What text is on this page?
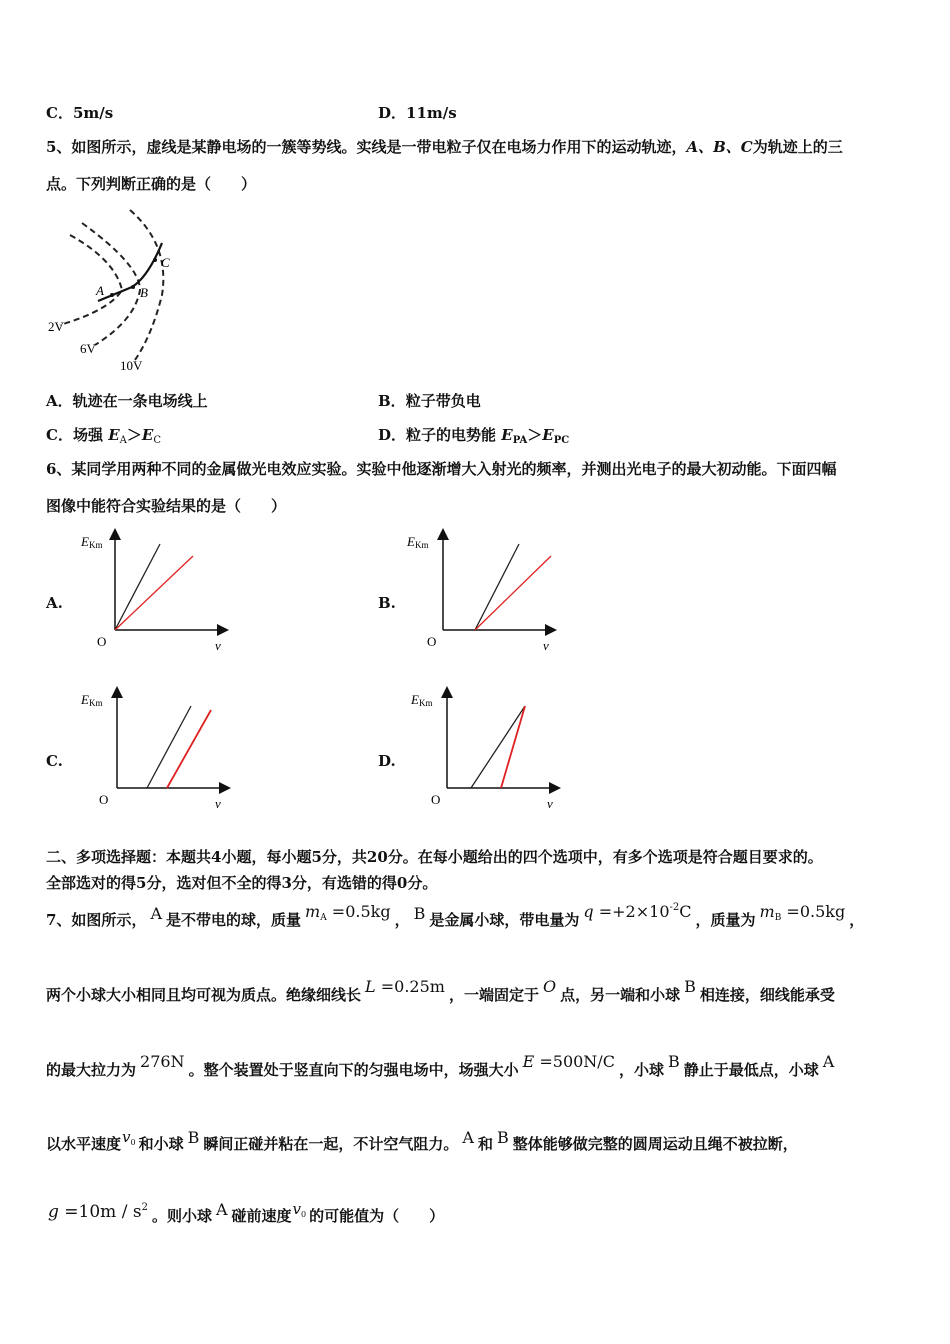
C．5m/s	D．11m/s
5、如图所示，虚线是某静电场的一簇等势线。实线是一带电粒子仅在电场力作用下的运动轨迹，A、B、C为轨迹上的三
点。下列判断正确的是（　　）
A	B
C
2V
6V
10V
A．轨迹在一条电场线上	B．粒子带负电
C．场强 $E_A>E_C$	D．粒子的电势能 $E_{PA}>E_{PC}$
6、某同学用两种不同的金属做光电效应实验。实验中他逐渐增大入射光的频率，并测出光电子的最大初动能。下面四幅
图像中能符合实验结果的是（　　）
A.	B.
C.	D.
EKm
O	ν
EKm
O	ν
EKm
O	ν
EKm
O	ν
二、多项选择题：本题共4小题，每小题5分，共20分。在每小题给出的四个选项中，有多个选项是符合题目要求的。
全部选对的得5分，选对但不全的得3分，有选错的得0分。
7、如图所示， A 是不带电的球，质量 mA =0.5kg ， B 是金属小球，带电量为 $q =+2\times 10^{-2}C$ ，质量为 mB =0.5kg ，
两个小球大小相同且均可视为质点。绝缘细线长 L =0.25m ，一端固定于 O 点，另一端和小球 B 相连接，细线能承受
的最大拉力为 276N 。整个装置处于竖直向下的匀强电场中，场强大小 E =500N/C ，小球 B 静止于最低点，小球 A
以水平速度$v_0$ 和小球 B 瞬间正碰并粘在一起，不计空气阻力。 A 和 B 整体能够做完整的圆周运动且绳不被拉断，
$g =10m / s^2$ 。则小球 A 碰前速度$v_0$ 的可能值为（　　）
